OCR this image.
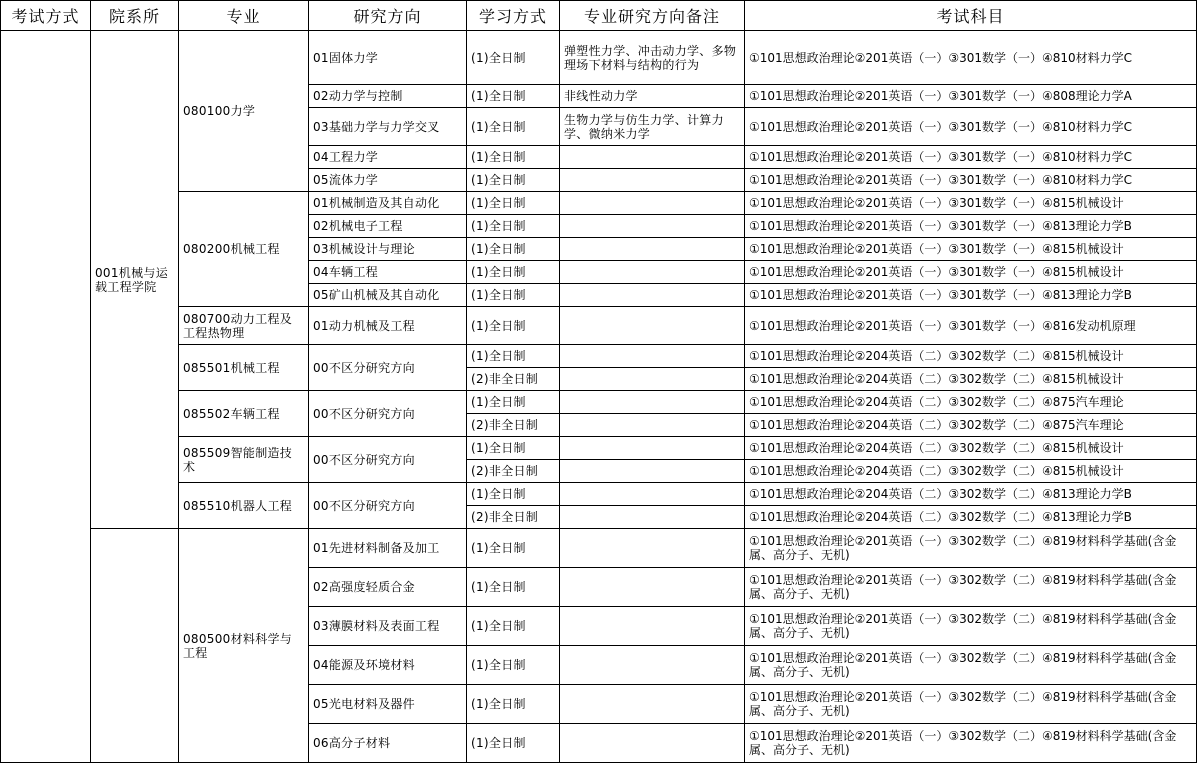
考试方式	院系所	专业	研究方向	学习方式	专业研究方向备注	考试科目
	001机械与运载工程学院	080100力学	01固体力学	(1)全日制	弹塑性力学、冲击动力学、多物理场下材料与结构的行为	①101思想政治理论②201英语（一）③301数学（一）④810材料力学C
			02动力学与控制	(1)全日制	非线性动力学	①101思想政治理论②201英语（一）③301数学（一）④808理论力学A
			03基础力学与力学交叉	(1)全日制	生物力学与仿生力学、计算力学、微纳米力学	①101思想政治理论②201英语（一）③301数学（一）④810材料力学C
			04工程力学	(1)全日制		①101思想政治理论②201英语（一）③301数学（一）④810材料力学C
			05流体力学	(1)全日制		①101思想政治理论②201英语（一）③301数学（一）④810材料力学C
		080200机械工程	01机械制造及其自动化	(1)全日制		①101思想政治理论②201英语（一）③301数学（一）④815机械设计
			02机械电子工程	(1)全日制		①101思想政治理论②201英语（一）③301数学（一）④813理论力学B
			03机械设计与理论	(1)全日制		①101思想政治理论②201英语（一）③301数学（一）④815机械设计
			04车辆工程	(1)全日制		①101思想政治理论②201英语（一）③301数学（一）④815机械设计
			05矿山机械及其自动化	(1)全日制		①101思想政治理论②201英语（一）③301数学（一）④813理论力学B
		080700动力工程及工程热物理	01动力机械及工程	(1)全日制		①101思想政治理论②201英语（一）③301数学（一）④816发动机原理
		085501机械工程	00不区分研究方向	(1)全日制		①101思想政治理论②204英语（二）③302数学（二）④815机械设计
				(2)非全日制		①101思想政治理论②204英语（二）③302数学（二）④815机械设计
		085502车辆工程	00不区分研究方向	(1)全日制		①101思想政治理论②204英语（二）③302数学（二）④875汽车理论
				(2)非全日制		①101思想政治理论②204英语（二）③302数学（二）④875汽车理论
		085509智能制造技术	00不区分研究方向	(1)全日制		①101思想政治理论②204英语（二）③302数学（二）④815机械设计
				(2)非全日制		①101思想政治理论②204英语（二）③302数学（二）④815机械设计
		085510机器人工程	00不区分研究方向	(1)全日制		①101思想政治理论②204英语（二）③302数学（二）④813理论力学B
				(2)非全日制		①101思想政治理论②204英语（二）③302数学（二）④813理论力学B
		080500材料科学与工程	01先进材料制备及加工	(1)全日制		①101思想政治理论②201英语（一）③302数学（二）④819材料科学基础(含金属、高分子、无机)
			02高强度轻质合金	(1)全日制		①101思想政治理论②201英语（一）③302数学（二）④819材料科学基础(含金属、高分子、无机)
			03薄膜材料及表面工程	(1)全日制		①101思想政治理论②201英语（一）③302数学（二）④819材料科学基础(含金属、高分子、无机)
			04能源及环境材料	(1)全日制		①101思想政治理论②201英语（一）③302数学（二）④819材料科学基础(含金属、高分子、无机)
			05光电材料及器件	(1)全日制		①101思想政治理论②201英语（一）③302数学（二）④819材料科学基础(含金属、高分子、无机)
			06高分子材料	(1)全日制		①101思想政治理论②201英语（一）③302数学（二）④819材料科学基础(含金属、高分子、无机)
